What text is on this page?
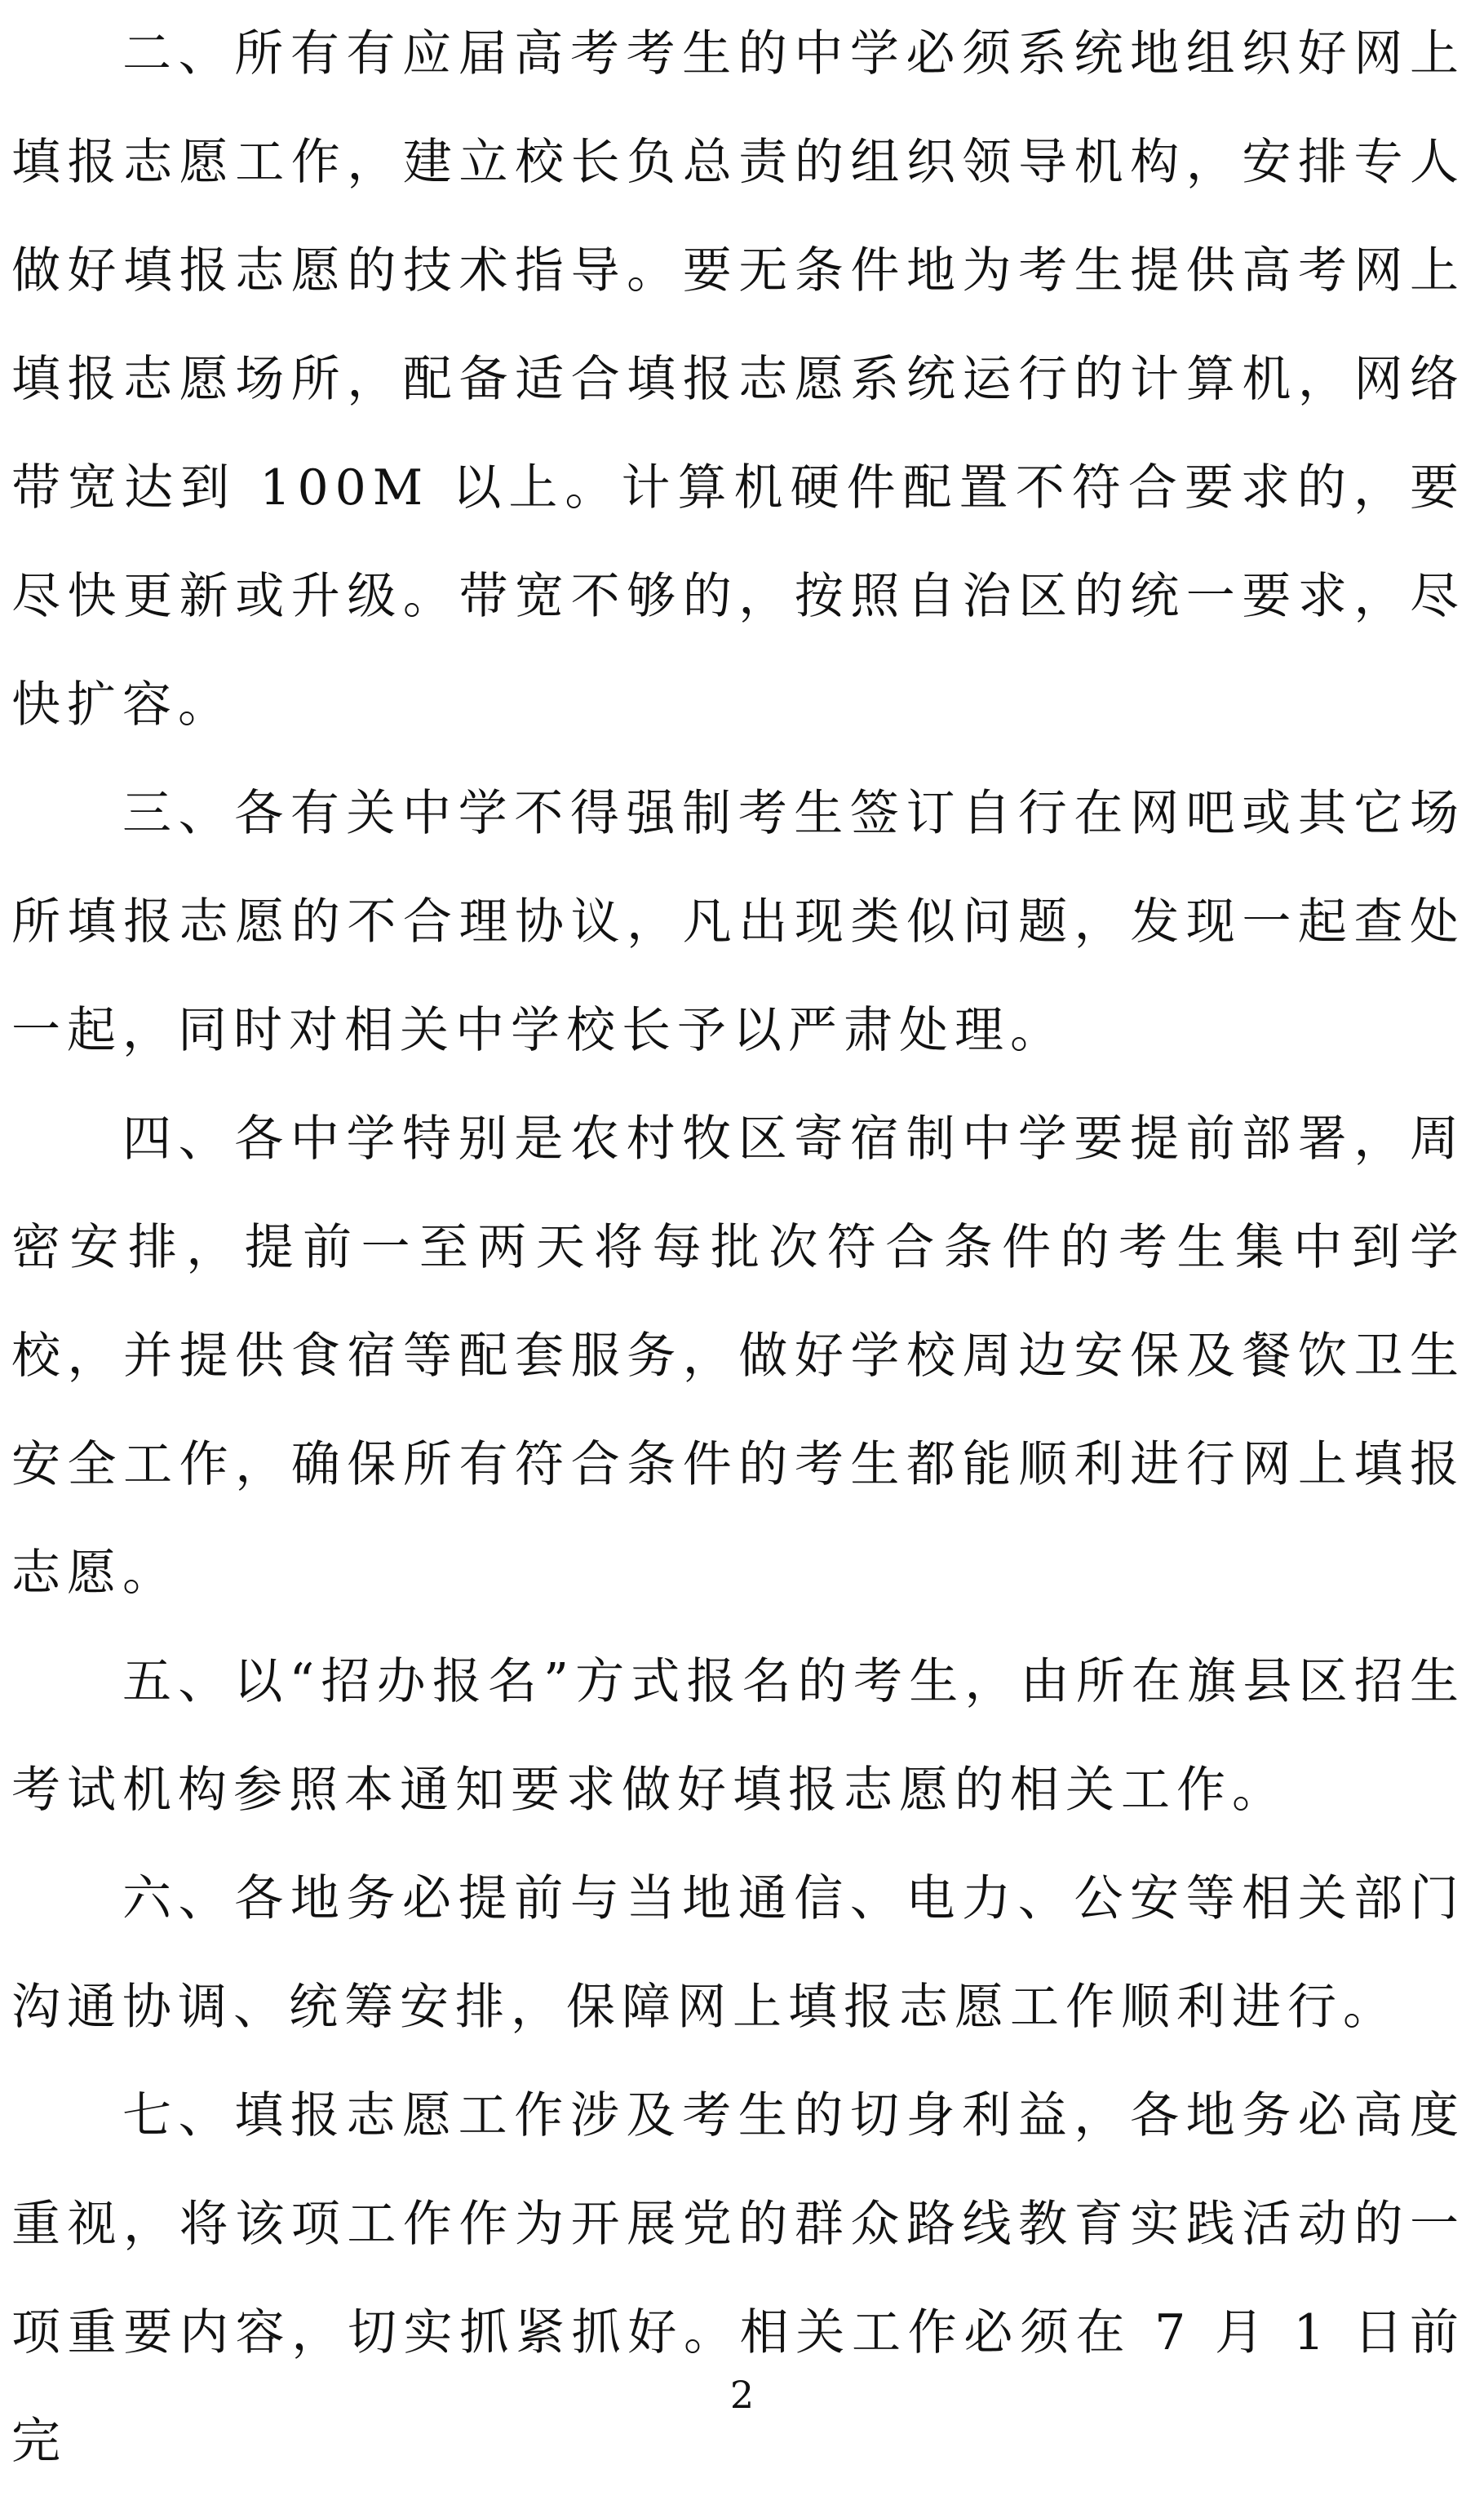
二、所有有应届高考考生的中学必须系统地组织好网上填报志愿工作，建立校长负总责的组织领导机构，安排专人做好填报志愿的技术指导。要无条件地为考生提供高考网上填报志愿场所，配备适合填报志愿系统运行的计算机，网络带宽达到 100M 以上。计算机硬件配置不符合要求的，要尽快更新或升级。带宽不够的，按照自治区的统一要求，尽快扩容。

三、各有关中学不得强制考生签订自行在网吧或其它场所填报志愿的不合理协议，凡出现类似问题，发现一起查处一起，同时对相关中学校长予以严肃处理。

四、各中学特别是农村牧区寄宿制中学要提前部署，周密安排，提前一至两天将每批次符合条件的考生集中到学校，并提供食宿等配套服务，做好学校周边安保及餐饮卫生安全工作，确保所有符合条件的考生都能顺利进行网上填报志愿。

五、以“招办报名”方式报名的考生，由所在旗县区招生考试机构参照本通知要求做好填报志愿的相关工作。

六、各地务必提前与当地通信、电力、公安等相关部门沟通协调、统筹安排，保障网上填报志愿工作顺利进行。

七、填报志愿工作涉及考生的切身利益，各地务必高度重视，将该项工作作为开展党的群众路线教育实践活动的一项重要内容，切实抓紧抓好。相关工作必须在 7 月 1 日前完

2
